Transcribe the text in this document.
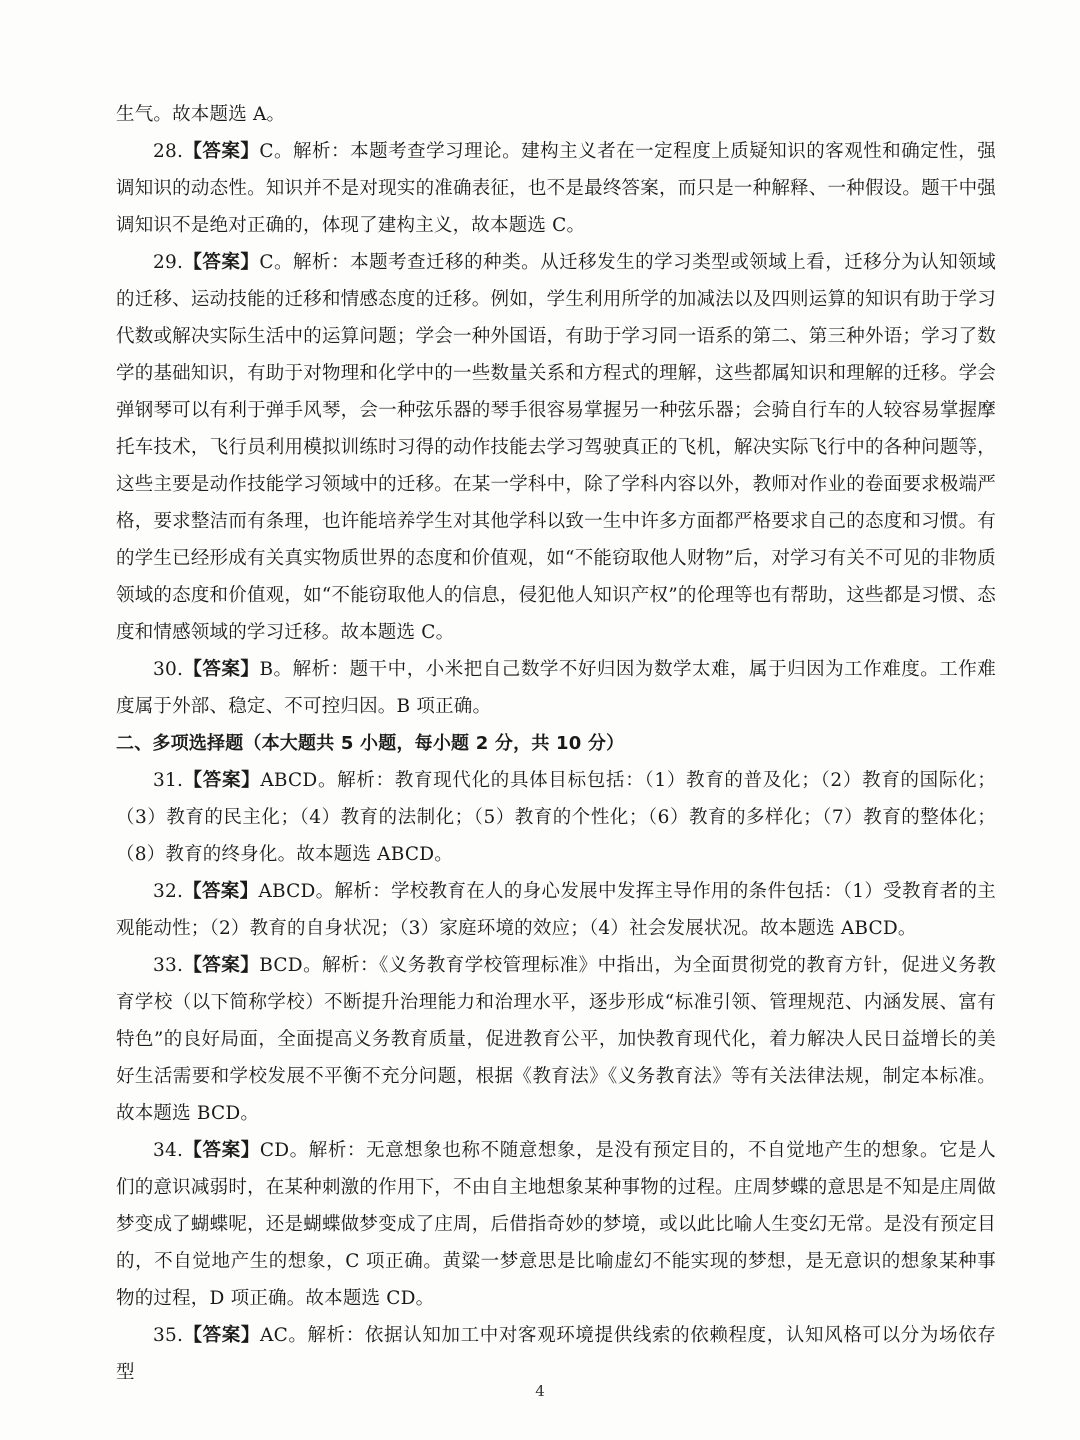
生气。故本题选 A。

28.【答案】C。解析：本题考查学习理论。建构主义者在一定程度上质疑知识的客观性和确定性，强调知识的动态性。知识并不是对现实的准确表征，也不是最终答案，而只是一种解释、一种假设。题干中强调知识不是绝对正确的，体现了建构主义，故本题选 C。

29.【答案】C。解析：本题考查迁移的种类。从迁移发生的学习类型或领域上看，迁移分为认知领域的迁移、运动技能的迁移和情感态度的迁移。例如，学生利用所学的加减法以及四则运算的知识有助于学习代数或解决实际生活中的运算问题；学会一种外国语，有助于学习同一语系的第二、第三种外语；学习了数学的基础知识，有助于对物理和化学中的一些数量关系和方程式的理解，这些都属知识和理解的迁移。学会弹钢琴可以有利于弹手风琴，会一种弦乐器的琴手很容易掌握另一种弦乐器；会骑自行车的人较容易掌握摩托车技术，飞行员利用模拟训练时习得的动作技能去学习驾驶真正的飞机，解决实际飞行中的各种问题等，这些主要是动作技能学习领域中的迁移。在某一学科中，除了学科内容以外，教师对作业的卷面要求极端严格，要求整洁而有条理，也许能培养学生对其他学科以致一生中许多方面都严格要求自己的态度和习惯。有的学生已经形成有关真实物质世界的态度和价值观，如“不能窃取他人财物”后，对学习有关不可见的非物质领域的态度和价值观，如“不能窃取他人的信息，侵犯他人知识产权”的伦理等也有帮助，这些都是习惯、态度和情感领域的学习迁移。故本题选 C。

30.【答案】B。解析：题干中，小米把自己数学不好归因为数学太难，属于归因为工作难度。工作难度属于外部、稳定、不可控归因。B 项正确。

二、多项选择题（本大题共 5 小题，每小题 2 分，共 10 分）

31.【答案】ABCD。解析：教育现代化的具体目标包括：（1）教育的普及化；（2）教育的国际化；（3）教育的民主化；（4）教育的法制化；（5）教育的个性化；（6）教育的多样化；（7）教育的整体化；（8）教育的终身化。故本题选 ABCD。

32.【答案】ABCD。解析：学校教育在人的身心发展中发挥主导作用的条件包括：（1）受教育者的主观能动性；（2）教育的自身状况；（3）家庭环境的效应；（4）社会发展状况。故本题选 ABCD。

33.【答案】BCD。解析：《义务教育学校管理标准》中指出，为全面贯彻党的教育方针，促进义务教育学校（以下简称学校）不断提升治理能力和治理水平，逐步形成“标准引领、管理规范、内涵发展、富有特色”的良好局面，全面提高义务教育质量，促进教育公平，加快教育现代化，着力解决人民日益增长的美好生活需要和学校发展不平衡不充分问题，根据《教育法》《义务教育法》等有关法律法规，制定本标准。故本题选 BCD。

34.【答案】CD。解析：无意想象也称不随意想象，是没有预定目的，不自觉地产生的想象。它是人们的意识减弱时，在某种刺激的作用下，不由自主地想象某种事物的过程。庄周梦蝶的意思是不知是庄周做梦变成了蝴蝶呢，还是蝴蝶做梦变成了庄周，后借指奇妙的梦境，或以此比喻人生变幻无常。是没有预定目的，不自觉地产生的想象，C 项正确。黄粱一梦意思是比喻虚幻不能实现的梦想，是无意识的想象某种事物的过程，D 项正确。故本题选 CD。

35.【答案】AC。解析：依据认知加工中对客观环境提供线索的依赖程度，认知风格可以分为场依存型

4
